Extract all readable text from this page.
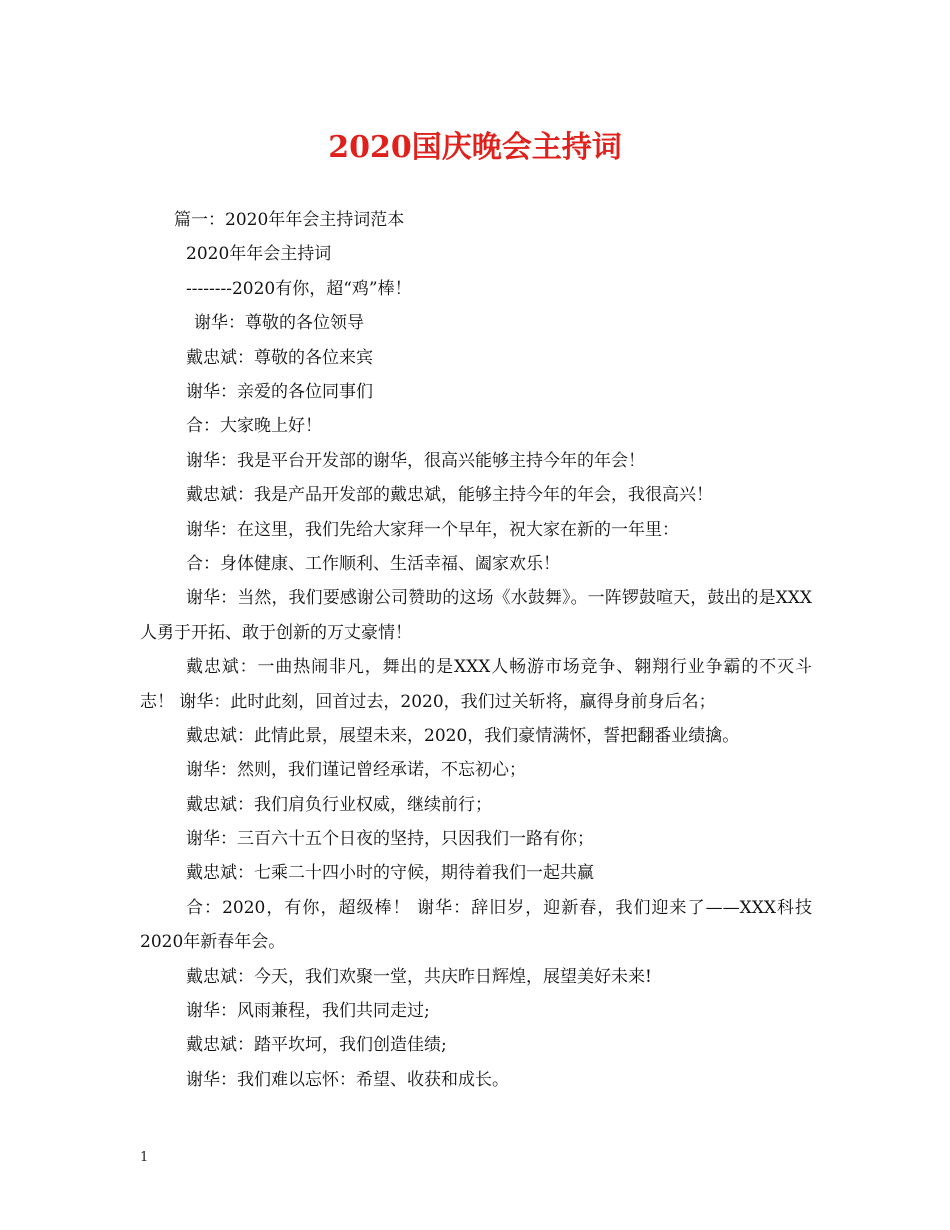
2020国庆晚会主持词
篇一：2020年年会主持词范本
2020年年会主持词
--------2020有你，超“鸡”棒！
谢华：尊敬的各位领导
戴忠斌：尊敬的各位来宾
谢华：亲爱的各位同事们
合：大家晚上好！
谢华：我是平台开发部的谢华，很高兴能够主持今年的年会！
戴忠斌：我是产品开发部的戴忠斌，能够主持今年的年会，我很高兴！
谢华：在这里，我们先给大家拜一个早年，祝大家在新的一年里：
合：身体健康、工作顺利、生活幸福、阖家欢乐！
谢华：当然，我们要感谢公司赞助的这场《水鼓舞》。一阵锣鼓喧天，鼓出的是XXX人勇于开拓、敢于创新的万丈豪情！
戴忠斌：一曲热闹非凡，舞出的是XXX人畅游市场竞争、翱翔行业争霸的不灭斗志！ 谢华：此时此刻，回首过去，2020，我们过关斩将，赢得身前身后名；
戴忠斌：此情此景，展望未来，2020，我们豪情满怀，誓把翻番业绩擒。
谢华：然则，我们谨记曾经承诺，不忘初心；
戴忠斌：我们肩负行业权威，继续前行；
谢华：三百六十五个日夜的坚持，只因我们一路有你；
戴忠斌：七乘二十四小时的守候，期待着我们一起共赢
合：2020，有你，超级棒！ 谢华：辞旧岁，迎新春，我们迎来了——XXX科技2020年新春年会。
戴忠斌：今天，我们欢聚一堂，共庆昨日辉煌，展望美好未来!
谢华：风雨兼程，我们共同走过;
戴忠斌：踏平坎坷，我们创造佳绩;
谢华：我们难以忘怀：希望、收获和成长。
1
